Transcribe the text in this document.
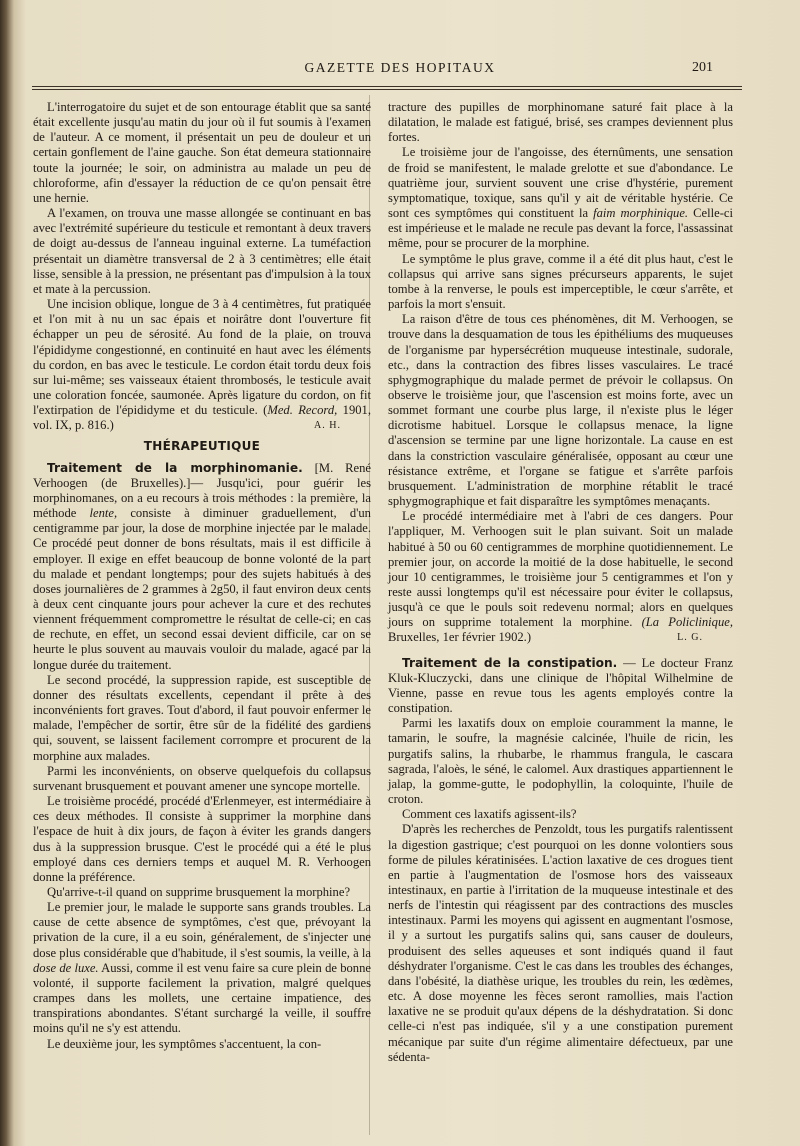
GAZETTE DES HOPITAUX	201

L'interrogatoire du sujet et de son entourage établit que sa santé était excellente jusqu'au matin du jour où il fut soumis à l'examen de l'auteur. A ce moment, il présentait un peu de douleur et un certain gonflement de l'aine gauche. Son état demeura stationnaire toute la journée; le soir, on administra au malade un peu de chloroforme, afin d'essayer la réduction de ce qu'on pensait être une hernie.

A l'examen, on trouva une masse allongée se continuant en bas avec l'extrémité supérieure du testicule et remontant à deux travers de doigt au-dessus de l'anneau inguinal externe. La tuméfaction présentait un diamètre transversal de 2 à 3 centimètres; elle était lisse, sensible à la pression, ne présentant pas d'impulsion à la toux et mate à la percussion.

Une incision oblique, longue de 3 à 4 centimètres, fut pratiquée et l'on mit à nu un sac épais et noirâtre dont l'ouverture fit échapper un peu de sérosité. Au fond de la plaie, on trouva l'épididyme congestionné, en continuité en haut avec les éléments du cordon, en bas avec le testicule. Le cordon était tordu deux fois sur lui-même; ses vaisseaux étaient thrombosés, le testicule avait une coloration foncée, saumonée. Après ligature du cordon, on fit l'extirpation de l'épididyme et du testicule. (Med. Record, 1901, vol. IX, p. 816.)	A. H.

THÉRAPEUTIQUE

Traitement de la morphinomanie. [M. René Verhoogen (de Bruxelles).]— Jusqu'ici, pour guérir les morphinomanes, on a eu recours à trois méthodes : la première, la méthode lente, consiste à diminuer graduellement, d'un centigramme par jour, la dose de morphine injectée par le malade. Ce procédé peut donner de bons résultats, mais il est difficile à employer. Il exige en effet beaucoup de bonne volonté de la part du malade et pendant longtemps; pour des sujets habitués à des doses journalières de 2 grammes à 2g50, il faut environ deux cents à deux cent cinquante jours pour achever la cure et des rechutes viennent fréquemment compromettre le résultat de celle-ci; en cas de rechute, en effet, un second essai devient difficile, car on se heurte le plus souvent au mauvais vouloir du malade, agacé par la longue durée du traitement.

Le second procédé, la suppression rapide, est susceptible de donner des résultats excellents, cependant il prête à des inconvénients fort graves. Tout d'abord, il faut pouvoir enfermer le malade, l'empêcher de sortir, être sûr de la fidélité des gardiens qui, souvent, se laissent facilement corrompre et procurent de la morphine aux malades.

Parmi les inconvénients, on observe quelquefois du collapsus survenant brusquement et pouvant amener une syncope mortelle.

Le troisième procédé, procédé d'Erlenmeyer, est intermédiaire à ces deux méthodes. Il consiste à supprimer la morphine dans l'espace de huit à dix jours, de façon à éviter les grands dangers dus à la suppression brusque. C'est le procédé qui a été le plus employé dans ces derniers temps et auquel M. R. Verhoogen donne la préférence.

Qu'arrive-t-il quand on supprime brusquement la morphine?

Le premier jour, le malade le supporte sans grands troubles. La cause de cette absence de symptômes, c'est que, prévoyant la privation de la cure, il a eu soin, généralement, de s'injecter une dose plus considérable que d'habitude, il s'est soumis, la veille, à la dose de luxe. Aussi, comme il est venu faire sa cure plein de bonne volonté, il supporte facilement la privation, malgré quelques crampes dans les mollets, une certaine impatience, des transpirations abondantes. S'étant surchargé la veille, il souffre moins qu'il ne s'y est attendu.

Le deuxième jour, les symptômes s'accentuent, la con-

tracture des pupilles de morphinomane saturé fait place à la dilatation, le malade est fatigué, brisé, ses crampes deviennent plus fortes.

Le troisième jour de l'angoisse, des éternûments, une sensation de froid se manifestent, le malade grelotte et sue d'abondance. Le quatrième jour, survient souvent une crise d'hystérie, purement symptomatique, toxique, sans qu'il y ait de véritable hystérie. Ce sont ces symptômes qui constituent la faim morphinique. Celle-ci est impérieuse et le malade ne recule pas devant la force, l'assassinat même, pour se procurer de la morphine.

Le symptôme le plus grave, comme il a été dit plus haut, c'est le collapsus qui arrive sans signes précurseurs apparents, le sujet tombe à la renverse, le pouls est imperceptible, le cœur s'arrête, et parfois la mort s'ensuit.

La raison d'être de tous ces phénomènes, dit M. Verhoogen, se trouve dans la desquamation de tous les épithéliums des muqueuses de l'organisme par hypersécrétion muqueuse intestinale, sudorale, etc., dans la contraction des fibres lisses vasculaires. Le tracé sphygmographique du malade permet de prévoir le collapsus. On observe le troisième jour, que l'ascension est moins forte, avec un sommet formant une courbe plus large, il n'existe plus le léger dicrotisme habituel. Lorsque le collapsus menace, la ligne d'ascension se termine par une ligne horizontale. La cause en est dans la constriction vasculaire généralisée, opposant au cœur une résistance extrême, et l'organe se fatigue et s'arrête parfois brusquement. L'administration de morphine rétablit le tracé sphygmographique et fait disparaître les symptômes menaçants.

Le procédé intermédiaire met à l'abri de ces dangers. Pour l'appliquer, M. Verhoogen suit le plan suivant. Soit un malade habitué à 50 ou 60 centigrammes de morphine quotidiennement. Le premier jour, on accorde la moitié de la dose habituelle, le second jour 10 centigrammes, le troisième jour 5 centigrammes et l'on y reste aussi longtemps qu'il est nécessaire pour éviter le collapsus, jusqu'à ce que le pouls soit redevenu normal; alors en quelques jours on supprime totalement la morphine. (La Policlinique, Bruxelles, 1er février 1902.)	L. G.

Traitement de la constipation. — Le docteur Franz Kluk-Kluczycki, dans une clinique de l'hôpital Wilhelmine de Vienne, passe en revue tous les agents employés contre la constipation.

Parmi les laxatifs doux on emploie couramment la manne, le tamarin, le soufre, la magnésie calcinée, l'huile de ricin, les purgatifs salins, la rhubarbe, le rhammus frangula, le cascara sagrada, l'aloès, le séné, le calomel. Aux drastiques appartiennent le jalap, la gomme-gutte, le podophyllin, la coloquinte, l'huile de croton.

Comment ces laxatifs agissent-ils?

D'après les recherches de Penzoldt, tous les purgatifs ralentissent la digestion gastrique; c'est pourquoi on les donne volontiers sous forme de pilules kératinisées. L'action laxative de ces drogues tient en partie à l'augmentation de l'osmose hors des vaisseaux intestinaux, en partie à l'irritation de la muqueuse intestinale et des nerfs de l'intestin qui réagissent par des contractions des muscles intestinaux. Parmi les moyens qui agissent en augmentant l'osmose, il y a surtout les purgatifs salins qui, sans causer de douleurs, produisent des selles aqueuses et sont indiqués quand il faut déshydrater l'organisme. C'est le cas dans les troubles des échanges, dans l'obésité, la diathèse urique, les troubles du rein, les œdèmes, etc. A dose moyenne les fèces seront ramollies, mais l'action laxative ne se produit qu'aux dépens de la déshydratation. Si donc celle-ci n'est pas indiquée, s'il y a une constipation purement mécanique par suite d'un régime alimentaire défectueux, par une sédenta-
